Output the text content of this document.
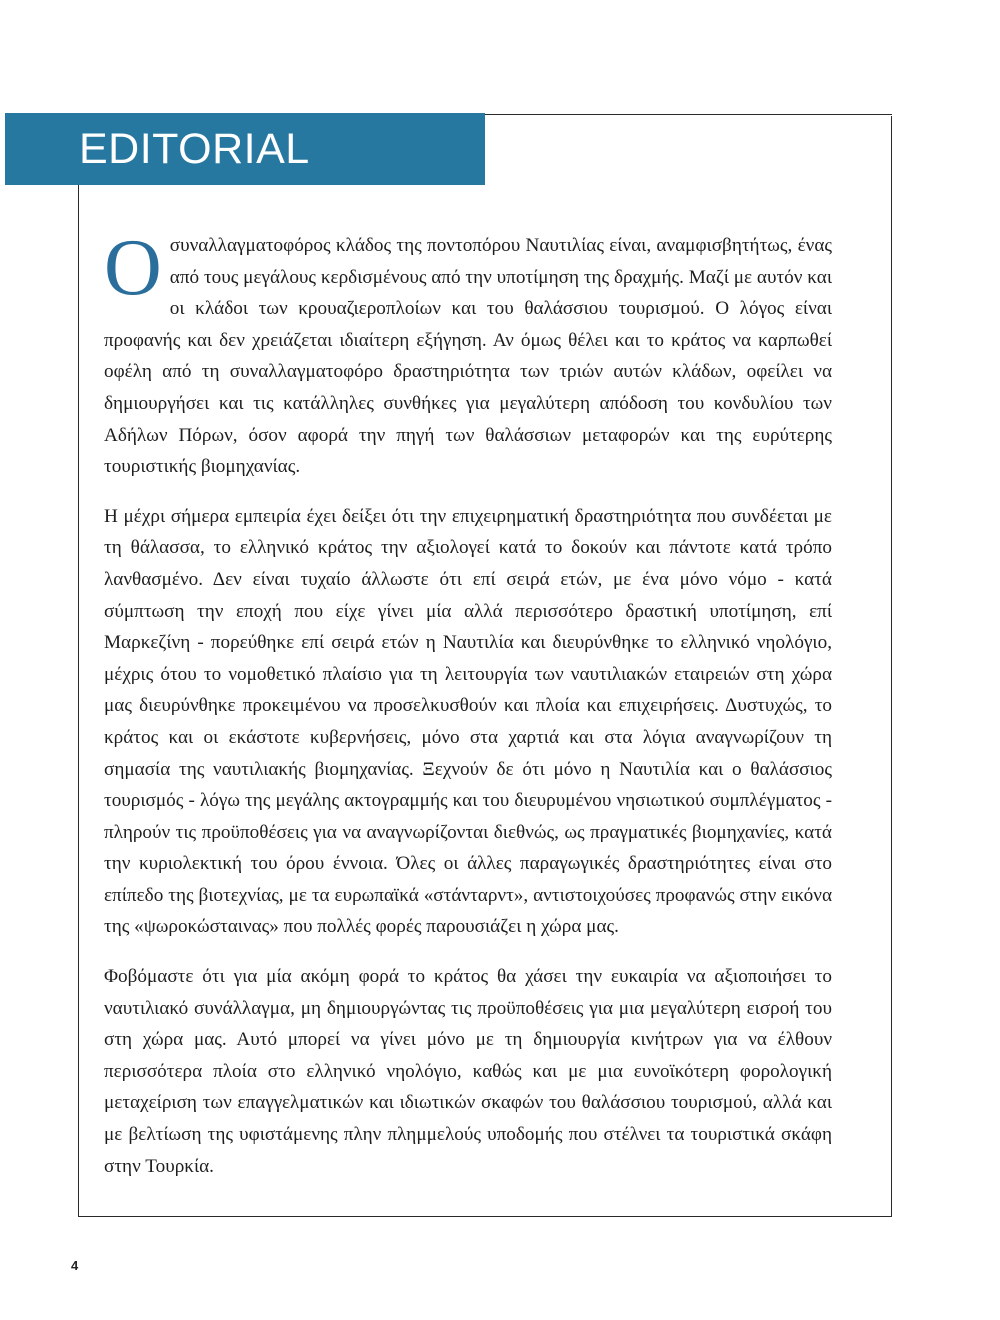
EDITORIAL

Ο συναλλαγματοφόρος κλάδος της ποντοπόρου Ναυτιλίας είναι, αναμφισβητήτως, ένας από τους μεγάλους κερδισμένους από την υποτίμηση της δραχμής. Μαζί με αυτόν και οι κλάδοι των κρουαζιεροπλοίων και του θαλάσσιου τουρισμού. Ο λόγος είναι προφανής και δεν χρειάζεται ιδιαίτερη εξήγηση. Αν όμως θέλει και το κράτος να καρπωθεί οφέλη από τη συναλλαγματοφόρο δραστηριότητα των τριών αυτών κλάδων, οφείλει να δημιουργήσει και τις κατάλληλες συνθήκες για μεγαλύτερη απόδοση του κονδυλίου των Αδήλων Πόρων, όσον αφορά την πηγή των θαλάσσιων μεταφορών και της ευρύτερης τουριστικής βιομηχανίας.

Η μέχρι σήμερα εμπειρία έχει δείξει ότι την επιχειρηματική δραστηριότητα που συνδέεται με τη θάλασσα, το ελληνικό κράτος την αξιολογεί κατά το δοκούν και πάντοτε κατά τρόπο λανθασμένο. Δεν είναι τυχαίο άλλωστε ότι επί σειρά ετών, με ένα μόνο νόμο - κατά σύμπτωση την εποχή που είχε γίνει μία αλλά περισσότερο δραστική υποτίμηση, επί Μαρκεζίνη - ​​πορεύθηκε επί σειρά ετών η Ναυτιλία και διευρύνθηκε το ελληνικό νηολόγιο, μέχρις ότου το νομοθετικό πλαίσιο για τη λειτουργία των ναυτιλιακών εταιρειών στη χώρα μας διευρύνθηκε προκειμένου να προσελκυσθούν και πλοία και επιχειρήσεις. Δυστυχώς, το κράτος και οι εκάστοτε κυβερνήσεις, μόνο στα χαρτιά και στα λόγια αναγνωρίζουν τη σημασία της ναυτιλιακής βιομηχανίας. Ξεχνούν δε ότι μόνο η Ναυτιλία και ο θαλάσσιος τουρισμός - λόγω της μεγάλης ακτογραμμής και του διευρυμένου νησιωτικού συμπλέγματος - πληρούν τις προϋποθέσεις για να αναγνωρίζονται διεθνώς, ως πραγματικές βιομηχανίες, κατά την κυριολεκτική του όρου έννοια. Όλες οι άλλες παραγωγικές δραστηριότητες είναι στο επίπεδο της βιοτεχνίας, με τα ευρωπαϊκά «στάνταρντ», αντιστοιχούσες προφανώς στην εικόνα της «ψωροκώσταινας» που πολλές φορές παρουσιάζει η χώρα μας.

Φοβόμαστε ότι για μία ακόμη φορά το κράτος θα χάσει την ευκαιρία να αξιοποιήσει το ναυτιλιακό συνάλλαγμα, μη δημιουργώντας τις προϋποθέσεις για μια μεγαλύτερη εισροή του στη χώρα μας. Αυτό μπορεί να γίνει μόνο με τη δημιουργία κινήτρων για να έλθουν περισσότερα πλοία στο ελληνικό νηολόγιο, καθώς και με μια ευνοϊκότερη φορολογική μεταχείριση των επαγγελματικών και ιδιωτικών σκαφών του θαλάσσιου τουρισμού, αλλά και με βελτίωση της υφιστάμενης πλην πλημμελούς υποδομής που στέλνει τα τουριστικά σκάφη στην Τουρκία.

4
